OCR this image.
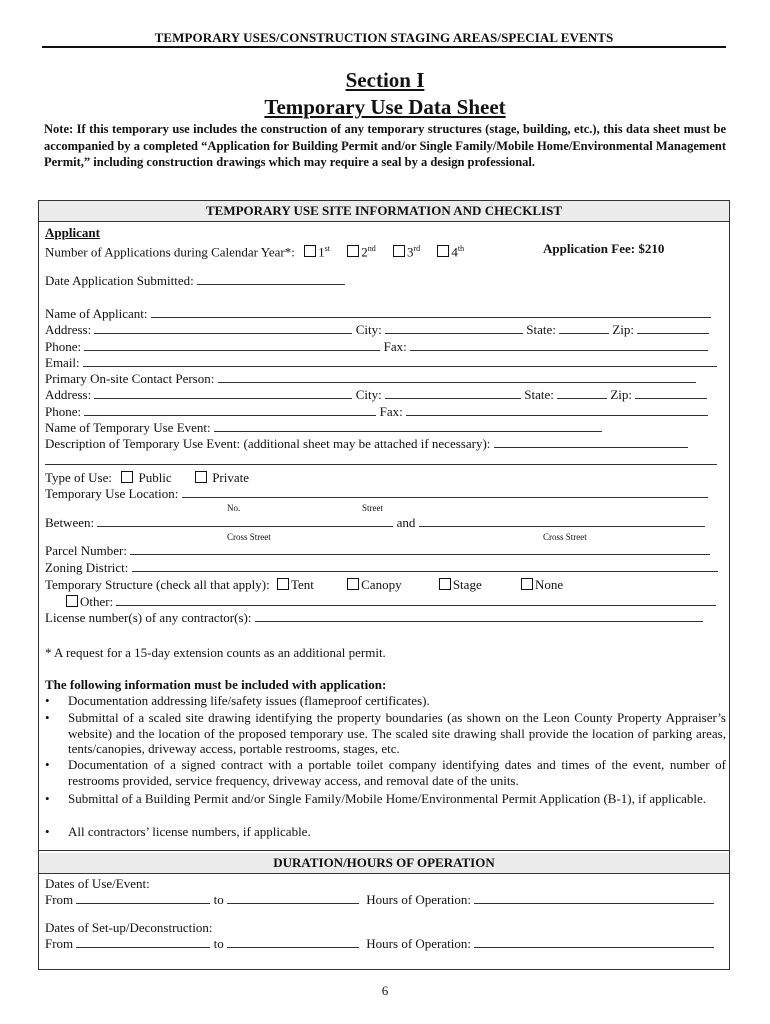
TEMPORARY USES/CONSTRUCTION STAGING AREAS/SPECIAL EVENTS
Section I
Temporary Use Data Sheet
Note: If this temporary use includes the construction of any temporary structures (stage, building, etc.), this data sheet must be accompanied by a completed “Application for Building Permit and/or Single Family/Mobile Home/Environmental Management Permit,” including construction drawings which may require a seal by a design professional.
TEMPORARY USE SITE INFORMATION AND CHECKLIST
Applicant
Number of Applications during Calendar Year*: 1st 2nd 3rd 4th	Application Fee: $210
Date Application Submitted:
Name of Applicant:
Address:	City:	State:	Zip:
Phone:	Fax:
Email:
Primary On-site Contact Person:
Address:	City:	State:	Zip:
Phone:	Fax:
Name of Temporary Use Event:
Description of Temporary Use Event: (additional sheet may be attached if necessary):
Type of Use: Public	Private
Temporary Use Location:
No.	Street
Between:	and
Cross Street	Cross Street
Parcel Number:
Zoning District:
Temporary Structure (check all that apply): Tent	Canopy	Stage	None
Other:
License number(s) of any contractor(s):
* A request for a 15-day extension counts as an additional permit.
The following information must be included with application:
• Documentation addressing life/safety issues (flameproof certificates).
• Submittal of a scaled site drawing identifying the property boundaries (as shown on the Leon County Property Appraiser’s website) and the location of the proposed temporary use. The scaled site drawing shall provide the location of parking areas, tents/canopies, driveway access, portable restrooms, stages, etc.
• Documentation of a signed contract with a portable toilet company identifying dates and times of the event, number of restrooms provided, service frequency, driveway access, and removal date of the units.
• Submittal of a Building Permit and/or Single Family/Mobile Home/Environmental Permit Application (B-1), if applicable.
• All contractors’ license numbers, if applicable.
DURATION/HOURS OF OPERATION
Dates of Use/Event:
From	to	Hours of Operation:
Dates of Set-up/Deconstruction:
From	to	Hours of Operation:
6
